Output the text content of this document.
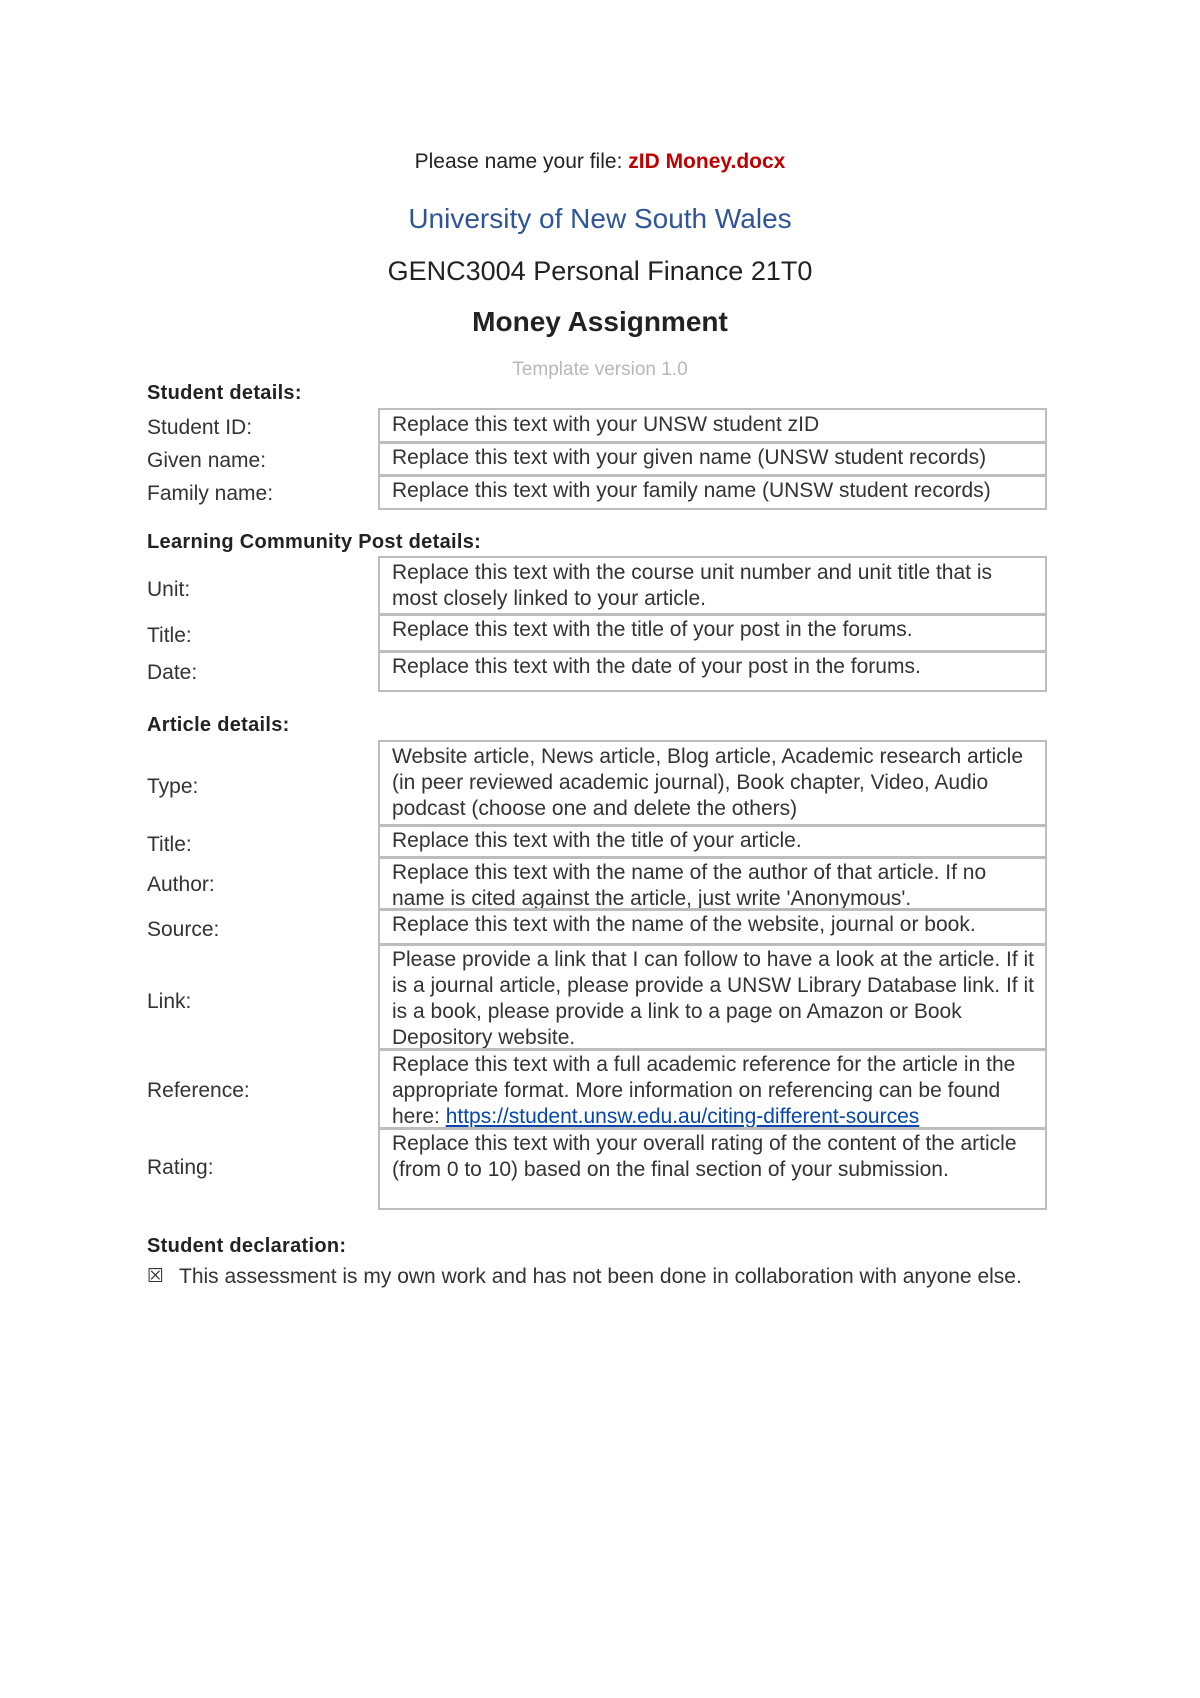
Please name your file: zID Money.docx
University of New South Wales
GENC3004 Personal Finance 21T0
Money Assignment
Template version 1.0
Student details:
Student ID:	Replace this text with your UNSW student zID
Given name:	Replace this text with your given name (UNSW student records)
Family name:	Replace this text with your family name (UNSW student records)
Learning Community Post details:
Unit:
Replace this text with the course unit number and unit title that is most closely linked to your article.
Title:	Replace this text with the title of your post in the forums.
Date:	Replace this text with the date of your post in the forums.
Article details:
Type:
Website article, News article, Blog article, Academic research article (in peer reviewed academic journal), Book chapter, Video, Audio podcast (choose one and delete the others)
Title:	Replace this text with the title of your article.
Author:
Replace this text with the name of the author of that article. If no name is cited against the article, just write 'Anonymous'.
Source:	Replace this text with the name of the website, journal or book.
Link:
Please provide a link that I can follow to have a look at the article. If it is a journal article, please provide a UNSW Library Database link. If it is a book, please provide a link to a page on Amazon or Book Depository website.
Reference:
Replace this text with a full academic reference for the article in the appropriate format. More information on referencing can be found here: https://student.unsw.edu.au/citing-different-sources
Rating:
Replace this text with your overall rating of the content of the article (from 0 to 10) based on the final section of your submission.
Student declaration:
☒ This assessment is my own work and has not been done in collaboration with anyone else.
